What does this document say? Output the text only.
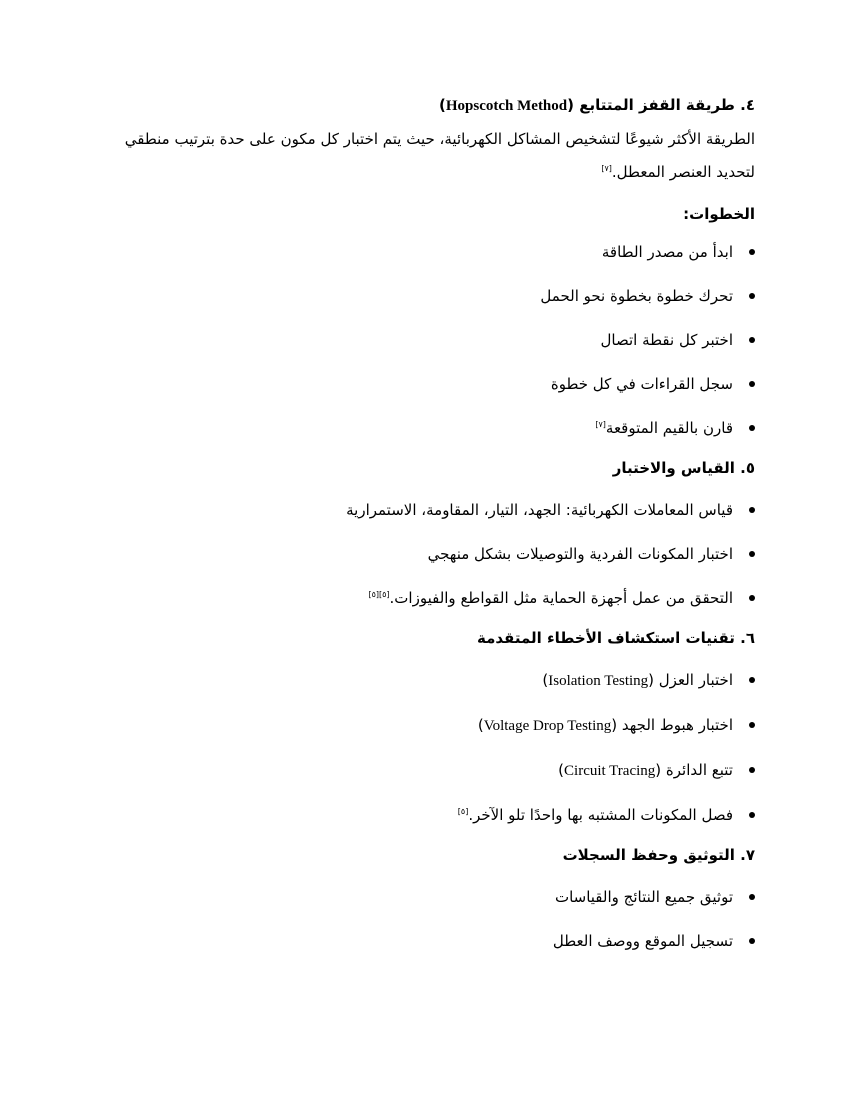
٤. طريقة القفز المتتابع (Hopscotch Method)

الطريقة الأكثر شيوعًا لتشخيص المشاكل الكهربائية، حيث يتم اختبار كل مكون على حدة بترتيب منطقي
لتحديد العنصر المعطل.[٧]

الخطوات:
ابدأ من مصدر الطاقة
تحرك خطوة بخطوة نحو الحمل
اختبر كل نقطة اتصال
سجل القراءات في كل خطوة
قارن بالقيم المتوقعة[٧]
٥. القياس والاختبار
قياس المعاملات الكهربائية: الجهد، التيار، المقاومة، الاستمرارية
اختبار المكونات الفردية والتوصيلات بشكل منهجي
التحقق من عمل أجهزة الحماية مثل القواطع والفيوزات.[٥][٥]
٦. تقنيات استكشاف الأخطاء المتقدمة
اختبار العزل (Isolation Testing)
اختبار هبوط الجهد (Voltage Drop Testing)
تتبع الدائرة (Circuit Tracing)
فصل المكونات المشتبه بها واحدًا تلو الآخر.[٥]
٧. التوثيق وحفظ السجلات
توثيق جميع النتائج والقياسات
تسجيل الموقع ووصف العطل
